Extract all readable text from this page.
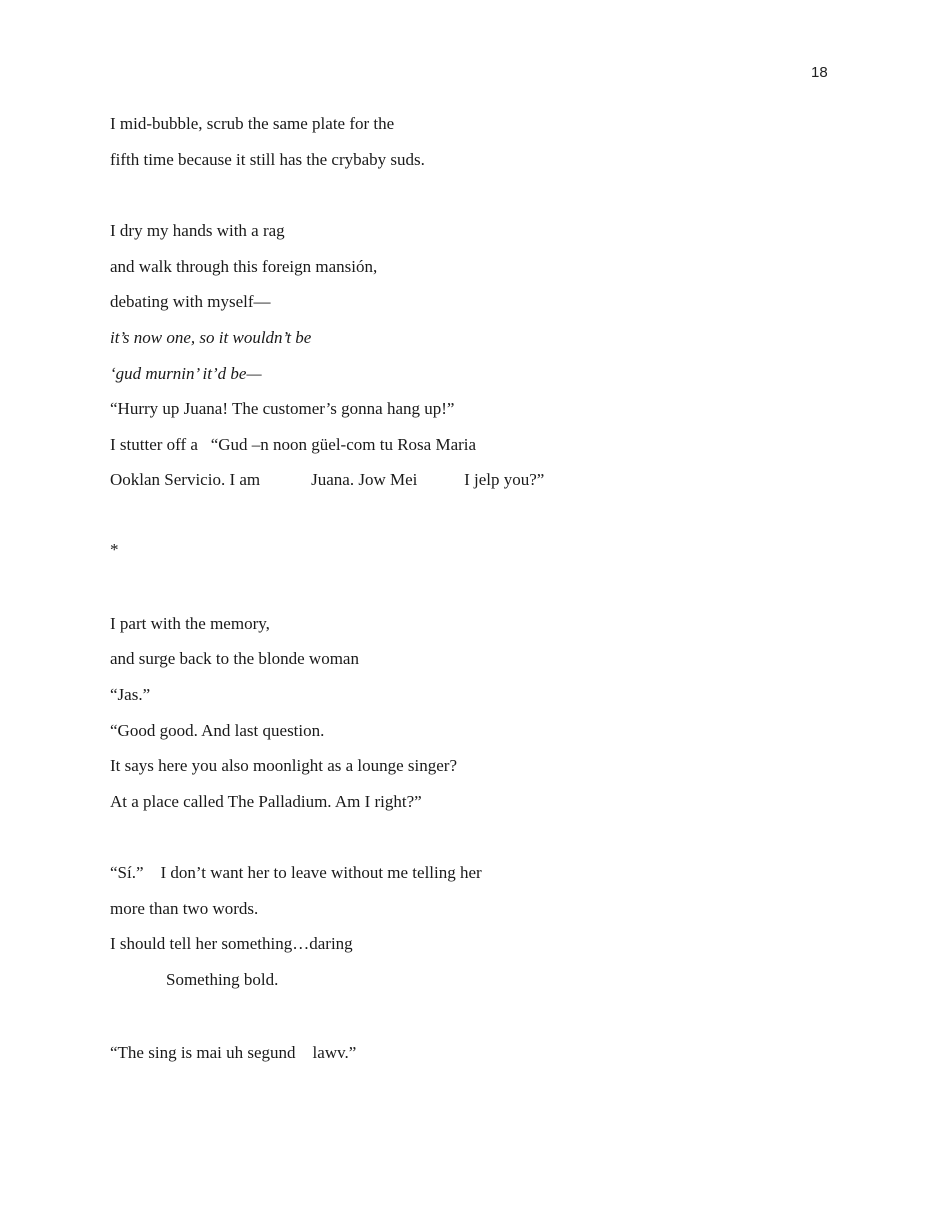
18
I mid-bubble, scrub the same plate for the
fifth time because it still has the crybaby suds.
I dry my hands with a rag
and walk through this foreign mansión,
debating with myself—
it’s now one, so it wouldn’t be
‘gud murnin’ it’d be—
“Hurry up Juana! The customer’s gonna hang up!”
I stutter off a   “Gud –n noon güel-com tu Rosa Maria
Ooklan Servicio. I am            Juana. Jow Mei           I jelp you?”
*
I part with the memory,
and surge back to the blonde woman
“Jas.”
“Good good. And last question.
It says here you also moonlight as a lounge singer?
At a place called The Palladium. Am I right?”
“Sí.”    I don’t want her to leave without me telling her
more than two words.
I should tell her something…daring
Something bold.
“The sing is mai uh segund    lawv.”
